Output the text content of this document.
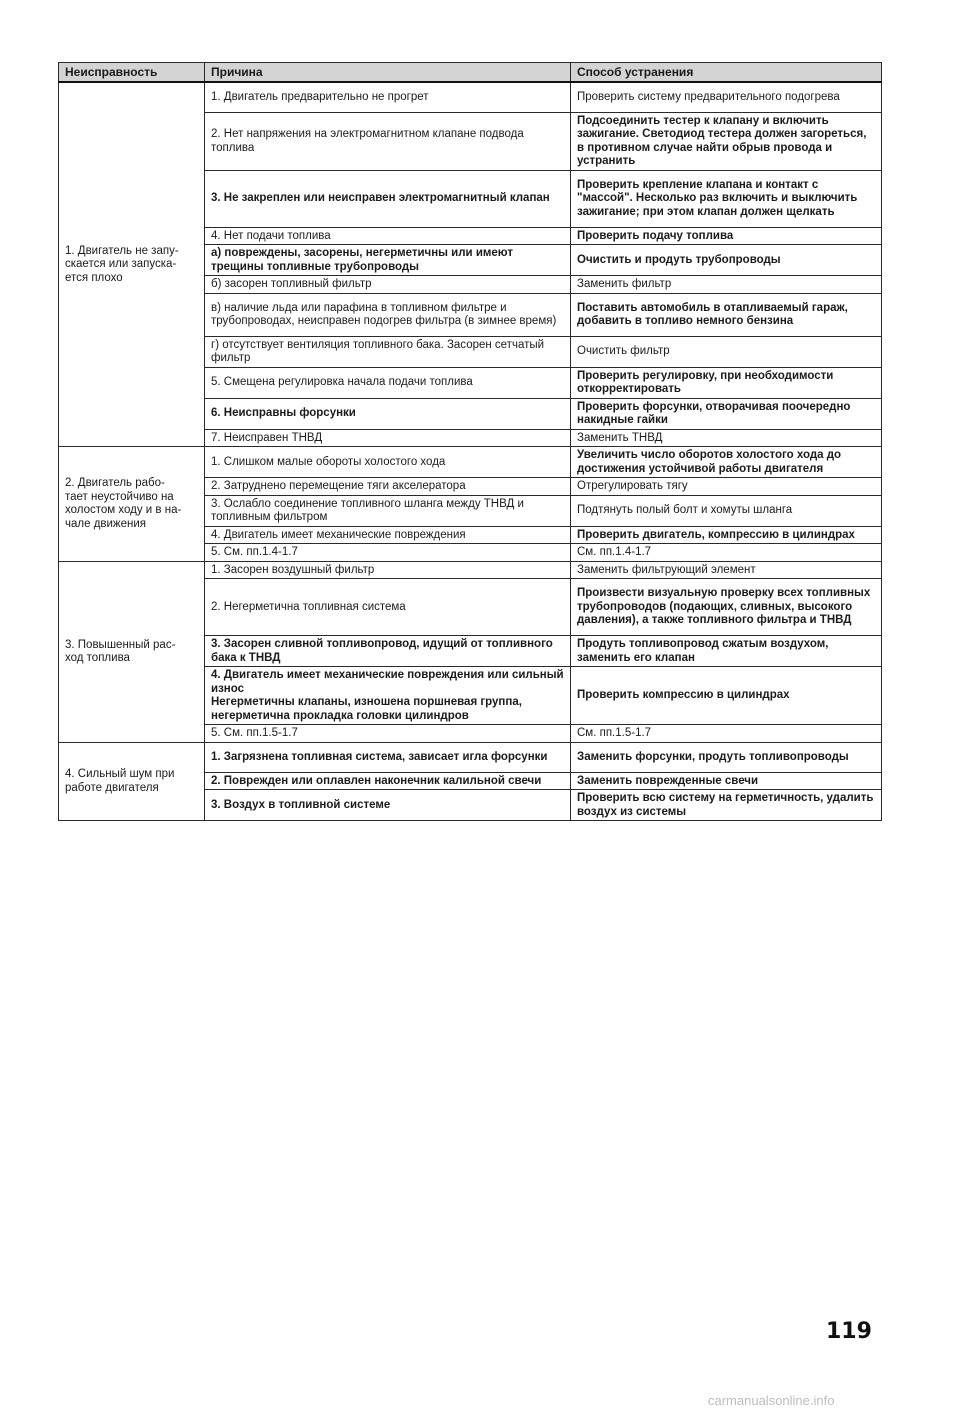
Неисправность	Причина	Способ устранения
1. Двигатель не запу-
скается или запуска-
ется плохо	1. Двигатель предварительно не прогрет	Проверить систему предварительного подогрева
	2. Нет напряжения на электромагнитном клапане подвода топлива	Подсоединить тестер к клапану и включить зажигание. Светодиод тестера должен загореться, в противном случае найти обрыв провода и устранить
	3. Не закреплен или неисправен электромагнитный клапан	Проверить крепление клапана и контакт с "массой". Несколько раз включить и выключить зажигание; при этом клапан должен щелкать
	4. Нет подачи топлива	Проверить подачу топлива
	а) повреждены, засорены, негерметичны или имеют трещины топливные трубопроводы	Очистить и продуть трубопроводы
	б) засорен топливный фильтр	Заменить фильтр
	в) наличие льда или парафина в топливном фильтре и трубопроводах, неисправен подогрев фильтра (в зимнее время)	Поставить автомобиль в отапливаемый гараж, добавить в топливо немного бензина
	г) отсутствует вентиляция топливного бака. Засорен сетчатый фильтр	Очистить фильтр
	5. Смещена регулировка начала подачи топлива	Проверить регулировку, при необходимости откорректировать
	6. Неисправны форсунки	Проверить форсунки, отворачивая поочередно накидные гайки
	7. Неисправен ТНВД	Заменить ТНВД
2. Двигатель рабо-
тает неустойчиво на
холостом ходу и в на-
чале движения	1. Слишком малые обороты холостого хода	Увеличить число оборотов холостого хода до достижения устойчивой работы двигателя
	2. Затруднено перемещение тяги акселератора	Отрегулировать тягу
	3. Ослабло соединение топливного шланга между ТНВД и топливным фильтром	Подтянуть полый болт и хомуты шланга
	4. Двигатель имеет механические повреждения	Проверить двигатель, компрессию в цилиндрах
	5. См. пп.1.4-1.7	См. пп.1.4-1.7
3. Повышенный рас-
ход топлива	1. Засорен воздушный фильтр	Заменить фильтрующий элемент
	2. Негерметична топливная система	Произвести визуальную проверку всех топливных трубопроводов (подающих, сливных, высокого давления), а также топливного фильтра и ТНВД
	3. Засорен сливной топливопровод, идущий от топливного бака к ТНВД	Продуть топливопровод сжатым воздухом, заменить его клапан
	4. Двигатель имеет механические повреждения или сильный износ
Негерметичны клапаны, изношена поршневая группа, негерметична прокладка головки цилиндров	Проверить компрессию в цилиндрах
	5. См. пп.1.5-1.7	См. пп.1.5-1.7
4. Сильный шум при
работе двигателя	1. Загрязнена топливная система, зависает игла форсунки	Заменить форсунки, продуть топливопроводы
	2. Поврежден или оплавлен наконечник калильной свечи	Заменить поврежденные свечи
	3. Воздух в топливной системе	Проверить всю систему на герметичность, удалить воздух из системы
119
carmanualsonline.info
